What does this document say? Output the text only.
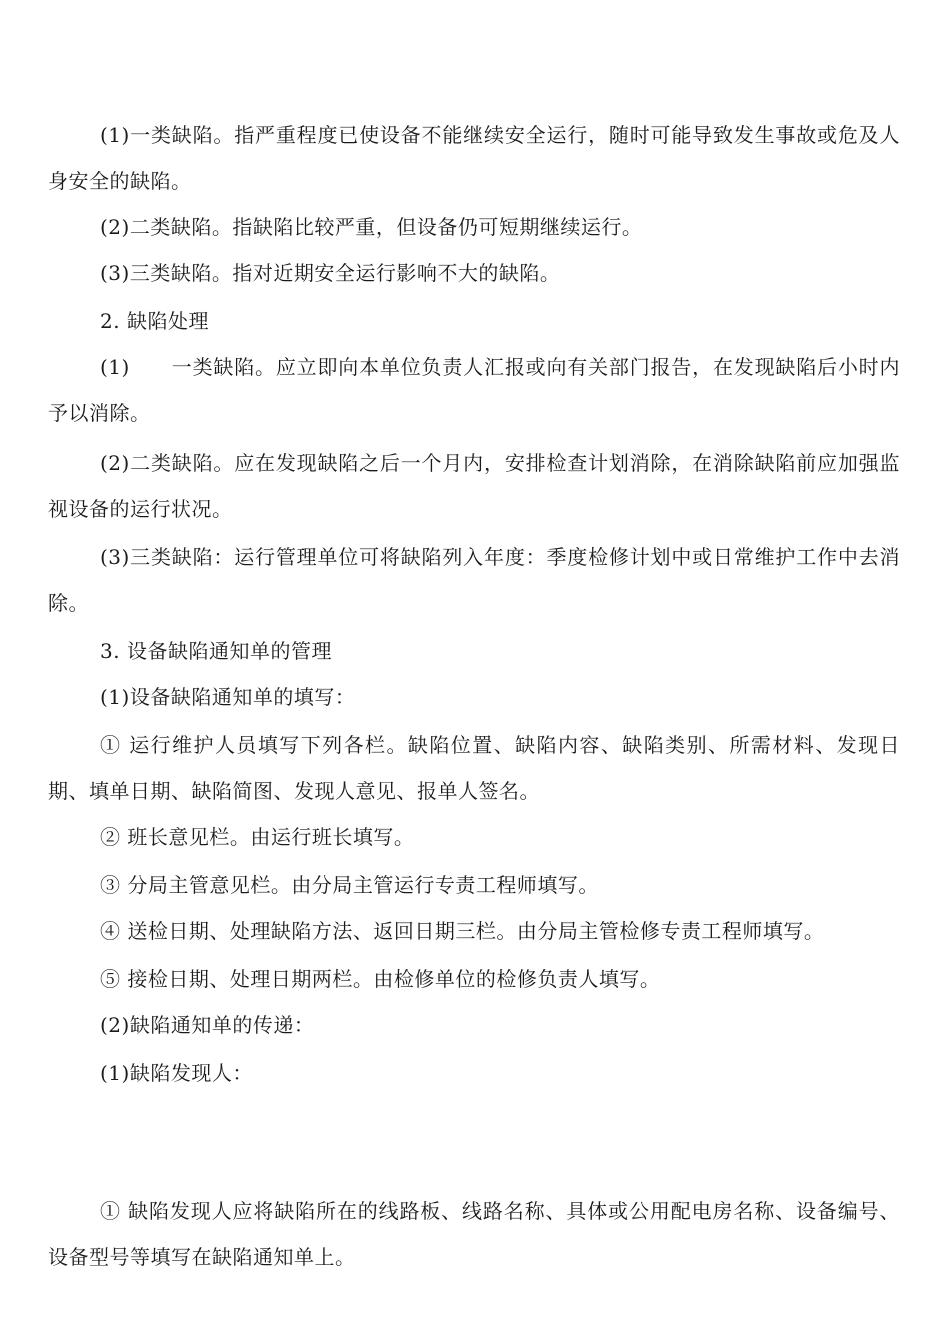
(1)一类缺陷。指严重程度已使设备不能继续安全运行，随时可能导致发生事故或危及人身安全的缺陷。

(2)二类缺陷。指缺陷比较严重，但设备仍可短期继续运行。

(3)三类缺陷。指对近期安全运行影响不大的缺陷。

2. 缺陷处理

(1)　　一类缺陷。应立即向本单位负责人汇报或向有关部门报告，在发现缺陷后小时内予以消除。

(2)二类缺陷。应在发现缺陷之后一个月内，安排检查计划消除，在消除缺陷前应加强监视设备的运行状况。

(3)三类缺陷：运行管理单位可将缺陷列入年度：季度检修计划中或日常维护工作中去消除。

3. 设备缺陷通知单的管理

(1)设备缺陷通知单的填写：

① 运行维护人员填写下列各栏。缺陷位置、缺陷内容、缺陷类别、所需材料、发现日期、填单日期、缺陷简图、发现人意见、报单人签名。

② 班长意见栏。由运行班长填写。

③ 分局主管意见栏。由分局主管运行专责工程师填写。

④ 送检日期、处理缺陷方法、返回日期三栏。由分局主管检修专责工程师填写。

⑤ 接检日期、处理日期两栏。由检修单位的检修负责人填写。

(2)缺陷通知单的传递：

(1)缺陷发现人：

① 缺陷发现人应将缺陷所在的线路板、线路名称、具体或公用配电房名称、设备编号、设备型号等填写在缺陷通知单上。
